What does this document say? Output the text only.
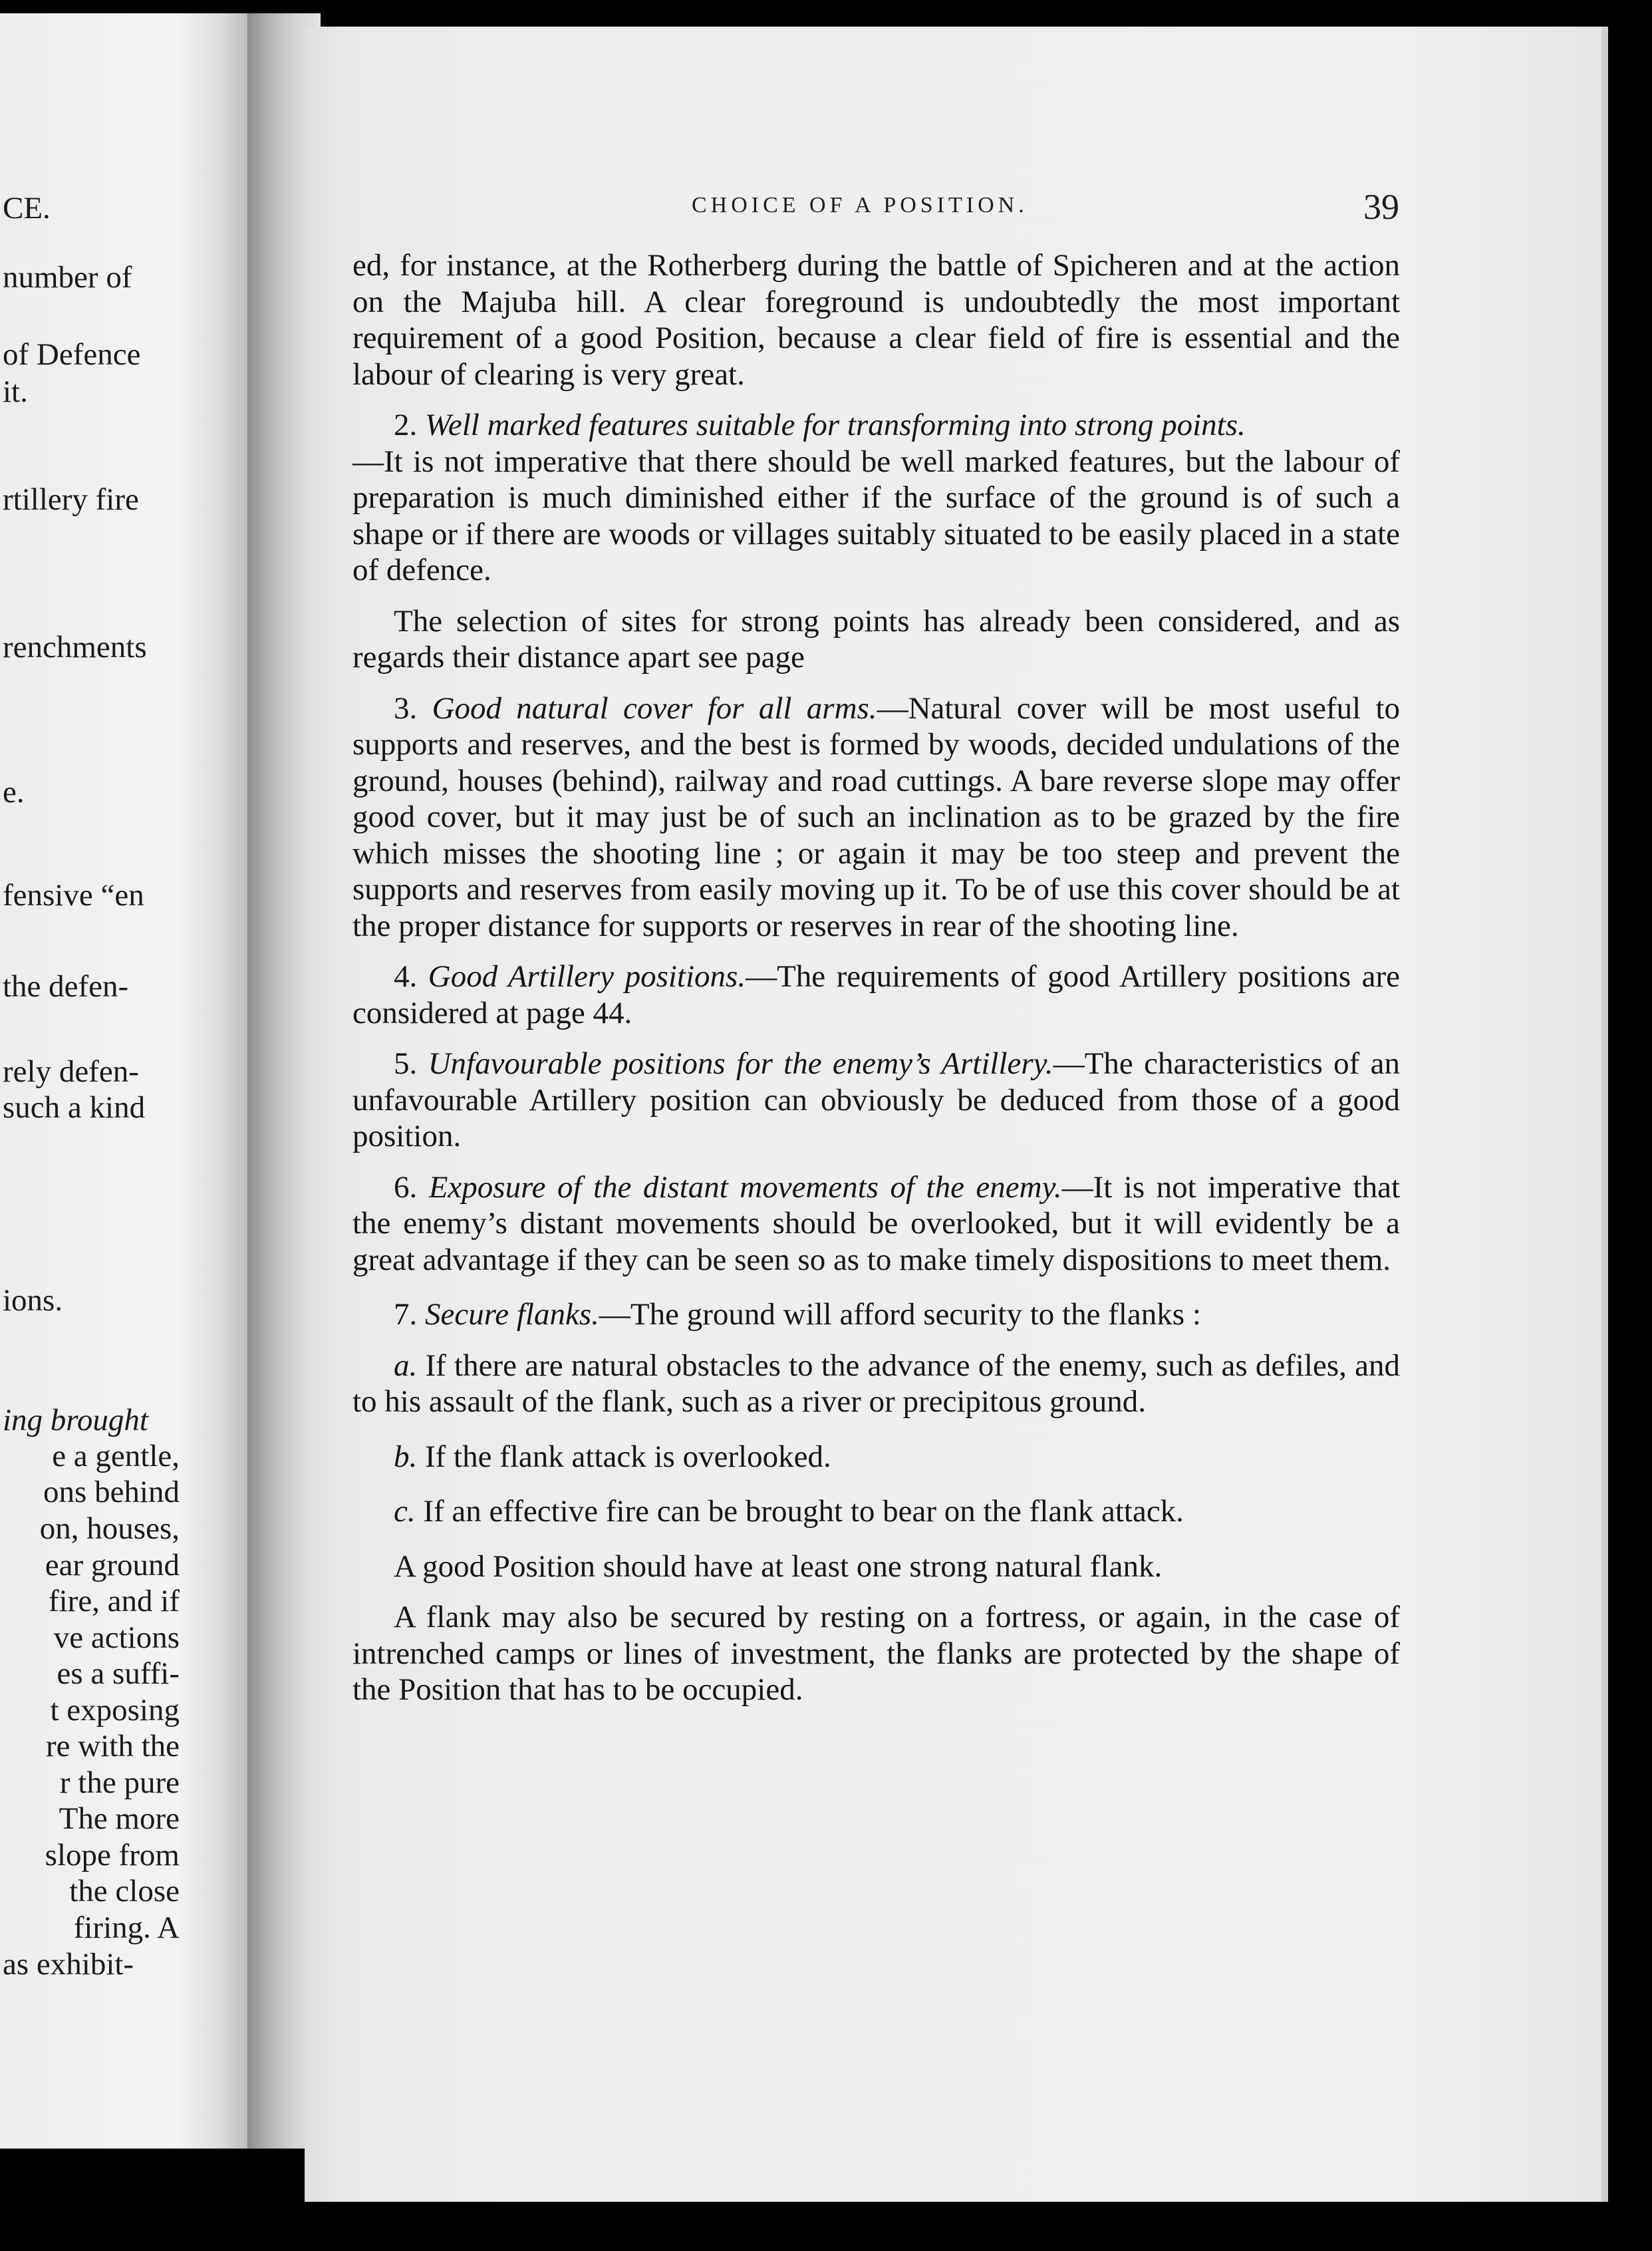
CE.
number of
of Defence
it.
rtillery fire
renchments
e.
fensive “en
the defen-
rely defen-
such a kind
ions.
ing brought
e a gentle,
ons behind
on, houses,
ear ground
fire, and if
ve actions
es a suffi-
t exposing
re with the
r the pure
The more
slope from
the close
firing. A
as exhibit-
CHOICE OF A POSITION.	39

ed, for instance, at the Rotherberg during the battle of Spicheren and at the action on the Majuba hill. A clear foreground is undoubtedly the most important requirement of a good Position, because a clear field of fire is essential and the labour of clearing is very great.

2. Well marked features suitable for transforming into strong points.
—It is not imperative that there should be well marked features, but the labour of preparation is much diminished either if the surface of the ground is of such a shape or if there are woods or villages suitably situated to be easily placed in a state of defence.

The selection of sites for strong points has already been considered, and as regards their distance apart see page

3. Good natural cover for all arms.—Natural cover will be most useful to supports and reserves, and the best is formed by woods, decided undulations of the ground, houses (behind), railway and road cuttings. A bare reverse slope may offer good cover, but it may just be of such an inclination as to be grazed by the fire which misses the shooting line ; or again it may be too steep and prevent the supports and reserves from easily moving up it. To be of use this cover should be at the proper distance for supports or reserves in rear of the shooting line.

4. Good Artillery positions.—The requirements of good Artillery positions are considered at page 44.

5. Unfavourable positions for the enemy’s Artillery.—The characteristics of an unfavourable Artillery position can obviously be deduced from those of a good position.

6. Exposure of the distant movements of the enemy.—It is not imperative that the enemy’s distant movements should be overlooked, but it will evidently be a great advantage if they can be seen so as to make timely dispositions to meet them.

7. Secure flanks.—The ground will afford security to the flanks :

a. If there are natural obstacles to the advance of the enemy, such as defiles, and to his assault of the flank, such as a river or precipitous ground.

b. If the flank attack is overlooked.

c. If an effective fire can be brought to bear on the flank attack.

A good Position should have at least one strong natural flank.

A flank may also be secured by resting on a fortress, or again, in the case of intrenched camps or lines of investment, the flanks are protected by the shape of the Position that has to be occupied.
